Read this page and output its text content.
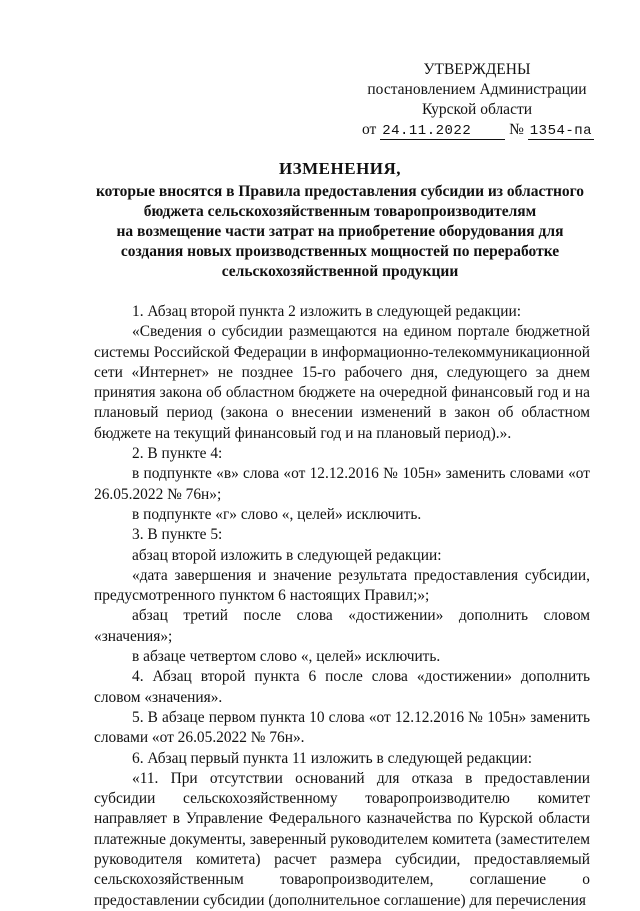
УТВЕРЖДЕНЫ
постановлением Администрации
Курской области
от 24.11.2022 № 1354-па
ИЗМЕНЕНИЯ,
которые вносятся в Правила предоставления субсидии из областного
бюджета сельскохозяйственным товаропроизводителям
на возмещение части затрат на приобретение оборудования для
создания новых производственных мощностей по переработке
сельскохозяйственной продукции

1. Абзац второй пункта 2 изложить в следующей редакции:

«Сведения о субсидии размещаются на едином портале бюджетной системы Российской Федерации в информационно-телекоммуникационной сети «Интернет» не позднее 15-го рабочего дня, следующего за днем принятия закона об областном бюджете на очередной финансовый год и на плановый период (закона о внесении изменений в закон об областном бюджете на текущий финансовый год и на плановый период).».

2. В пункте 4:

в подпункте «в» слова «от 12.12.2016 № 105н» заменить словами «от 26.05.2022 № 76н»;

в подпункте «г» слово «, целей» исключить.

3. В пункте 5:

абзац второй изложить в следующей редакции:

«дата завершения и значение результата предоставления субсидии, предусмотренного пунктом 6 настоящих Правил;»;

абзац третий после слова «достижении» дополнить словом «значения»;

в абзаце четвертом слово «, целей» исключить.

4. Абзац второй пункта 6 после слова «достижении» дополнить словом «значения».

5. В абзаце первом пункта 10 слова «от 12.12.2016 № 105н» заменить словами «от 26.05.2022 № 76н».

6. Абзац первый пункта 11 изложить в следующей редакции:

«11. При отсутствии оснований для отказа в предоставлении субсидии сельскохозяйственному товаропроизводителю комитет направляет в Управление Федерального казначейства по Курской области платежные документы, заверенный руководителем комитета (заместителем руководителя комитета) расчет размера субсидии, предоставляемый сельскохозяйственным товаропроизводителем, соглашение о предоставлении субсидии (дополнительное соглашение) для перечисления
